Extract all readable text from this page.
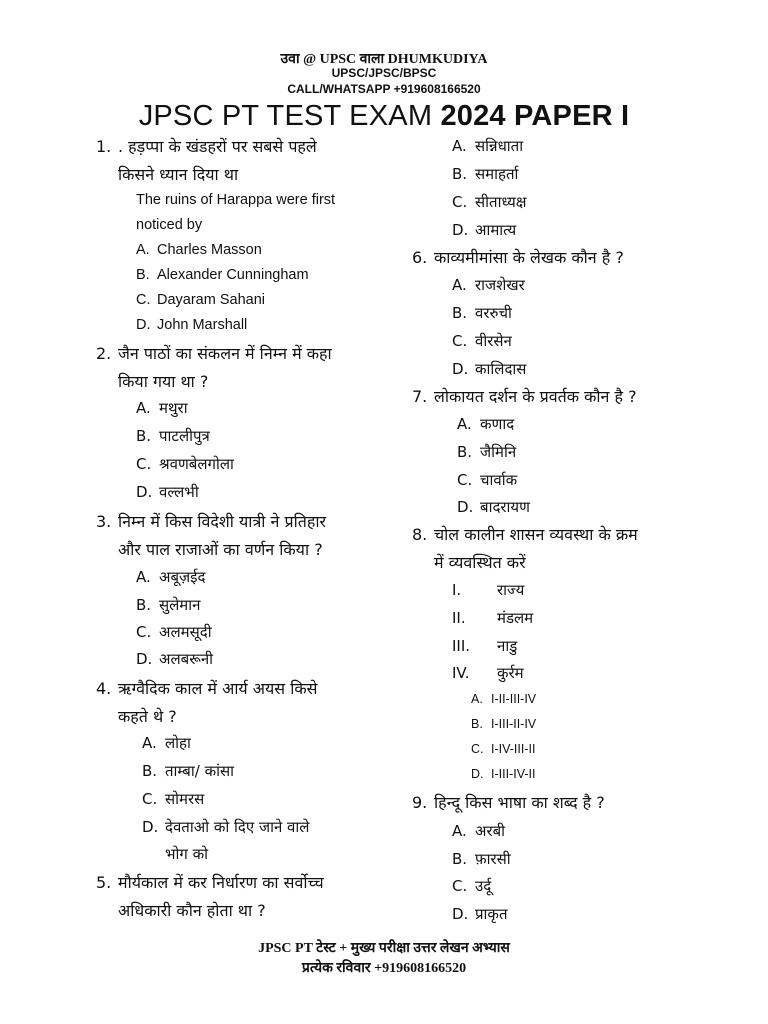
उवा @ UPSC वाला DHUMKUDIYA
UPSC/JPSC/BPSC
CALL/WHATSAPP +919608166520
JPSC PT TEST EXAM 2024 PAPER I
1. . हड़प्पा के खंडहरों पर सबसे पहले
किसने ध्यान दिया था
The ruins of Harappa were first
noticed by
A. Charles Masson
B. Alexander Cunningham
C. Dayaram Sahani
D. John Marshall
2. जैन पाठों का संकलन में निम्न में कहा
किया गया था ?
A. मथुरा
B. पाटलीपुत्र
C. श्रवणबेलगोला
D. वल्लभी
3. निम्न में किस विदेशी यात्री ने प्रतिहार
और पाल राजाओं का वर्णन किया ?
A. अबूज़ईद
B. सुलेमान
C. अलमसूदी
D. अलबरूनी
4. ऋग्वैदिक काल में आर्य अयस किसे
कहते थे ?
A. लोहा
B. ताम्बा/ कांसा
C. सोमरस
D. देवताओ को दिए जाने वाले
भोग को
5. मौर्यकाल में कर निर्धारण का सर्वोच्च
अधिकारी कौन होता था ?
A. सन्निधाता
B. समाहर्ता
C. सीताध्यक्ष
D. आमात्य
6. काव्यमीमांसा के लेखक कौन है ?
A. राजशेखर
B. वररुची
C. वीरसेन
D. कालिदास
7. लोकायत दर्शन के प्रवर्तक कौन है ?
A. कणाद
B. जैमिनि
C. चार्वाक
D. बादरायण
8. चोल कालीन शासन व्यवस्था के क्रम
में व्यवस्थित करें
I. राज्य
II. मंडलम
III. नाडु
IV. कुर्रम
A. I-II-III-IV
B. I-III-II-IV
C. I-IV-III-II
D. I-III-IV-II
9. हिन्दू किस भाषा का शब्द है ?
A. अरबी
B. फ़ारसी
C. उर्दू
D. प्राकृत
JPSC PT टेस्ट + मुख्य परीक्षा उत्तर लेखन अभ्यास
प्रत्येक रविवार +919608166520
